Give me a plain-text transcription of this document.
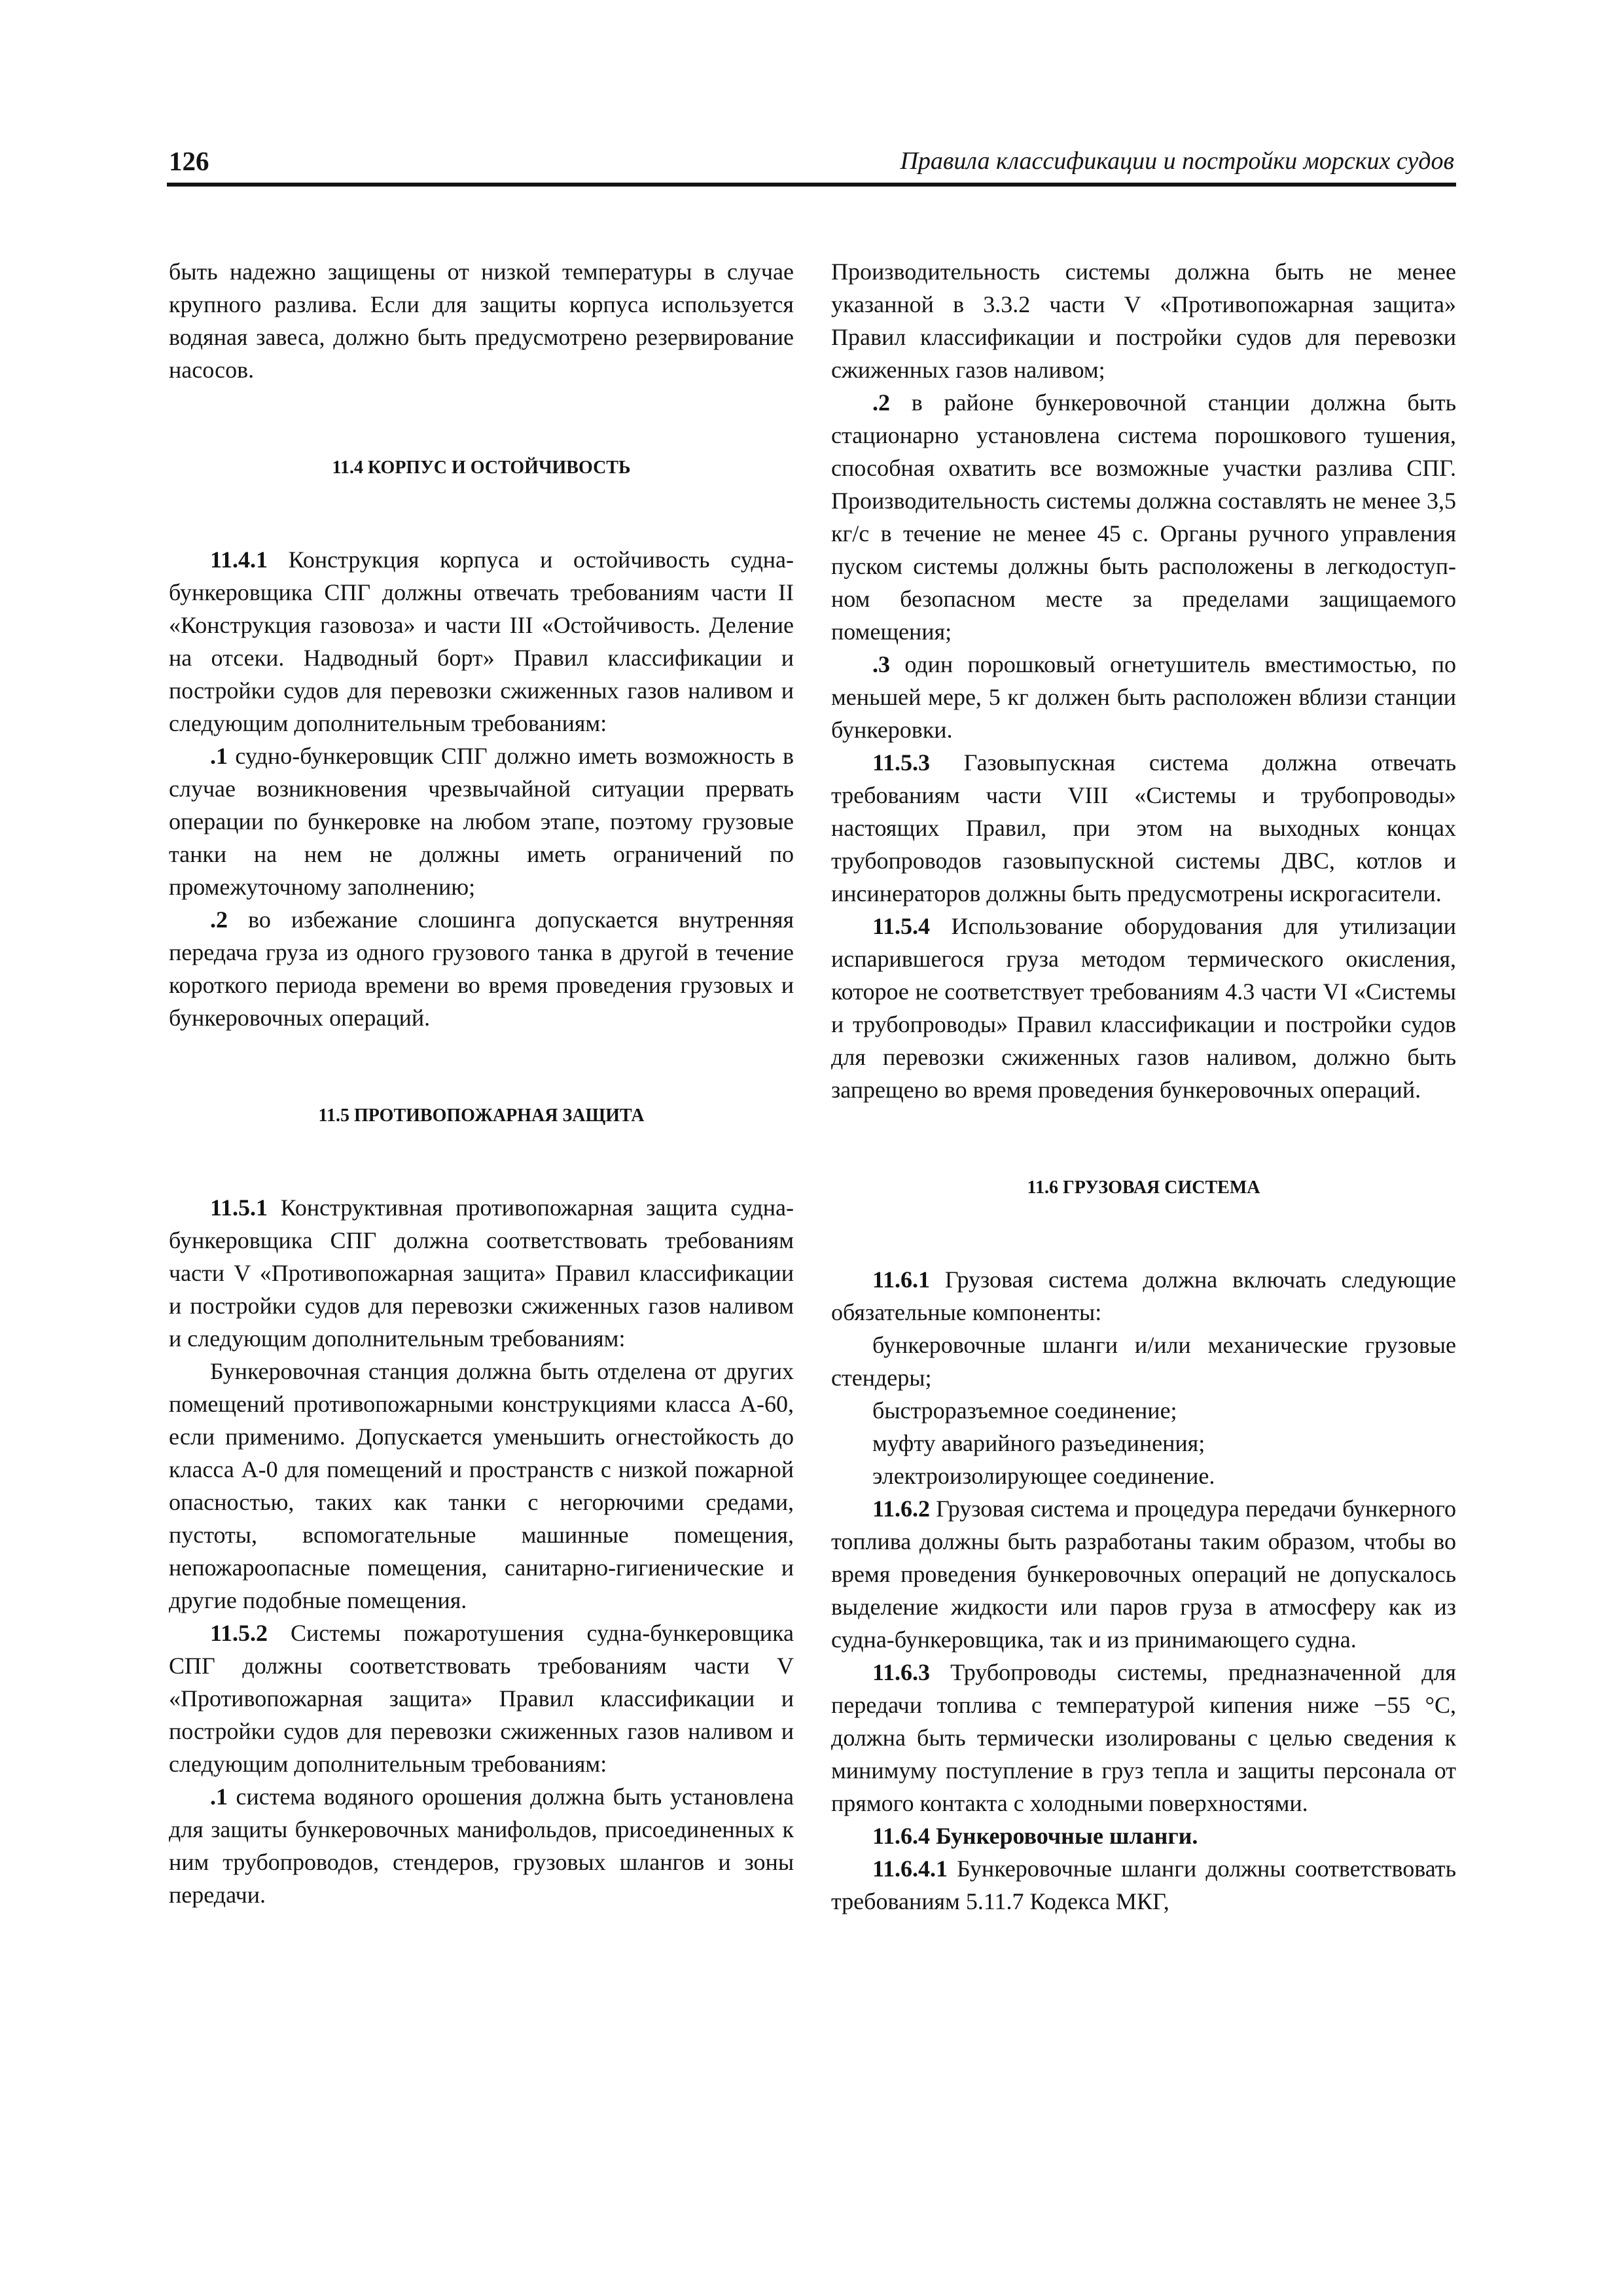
126	Правила классификации и постройки морских судов

быть надежно защищены от низкой температуры в случае крупного разлива. Если для защиты корпуса используется водяная завеса, должно быть предусмотрено резервирование насосов.

11.4 КОРПУС И ОСТОЙЧИВОСТЬ

11.4.1 Конструкция корпуса и остойчивость судна-бункеровщика СПГ должны отвечать требованиям части II «Конструкция газовоза» и части III «Остойчивость. Деление на отсеки. Надводный борт» Правил классификации и постройки судов для перевозки сжиженных газов наливом и следующим дополнительным требованиям:

.1 судно-бункеровщик СПГ должно иметь возможность в случае возникновения чрезвычайной ситуации прервать операции по бункеровке на любом этапе, поэтому грузовые танки на нем не должны иметь ограничений по промежуточному заполнению;

.2 во избежание слошинга допускается внутренняя передача груза из одного грузового танка в другой в течение короткого периода времени во время проведения грузовых и бункеровочных операций.

11.5 ПРОТИВОПОЖАРНАЯ ЗАЩИТА

11.5.1 Конструктивная противопожарная защита судна-бункеровщика СПГ должна соответствовать требованиям части V «Противопожарная защита» Правил классификации и постройки судов для перевозки сжиженных газов наливом и следующим дополнительным требованиям:

Бункеровочная станция должна быть отделена от других помещений противопожарными конструкциями класса А-60, если применимо. Допускается уменьшить огнестойкость до класса А-0 для помещений и пространств с низкой пожарной опасностью, таких как танки с негорючими средами, пустоты, вспомогательные машинные помещения, непожароопасные помещения, санитарно-гигиенические и другие подобные помещения.

11.5.2 Системы пожаротушения судна-бункеровщика СПГ должны соответствовать требованиям части V «Противопожарная защита» Правил классификации и постройки судов для перевозки сжиженных газов наливом и следующим дополнительным требованиям:

.1 система водяного орошения должна быть установлена для защиты бункеровочных манифольдов, присоединенных к ним трубопроводов, стендеров, грузовых шлангов и зоны передачи.

Производительность системы должна быть не менее указанной в 3.3.2 части V «Противопожарная защита» Правил классификации и постройки судов для перевозки сжиженных газов наливом;

.2 в районе бункеровочной станции должна быть стационарно установлена система порошкового тушения, способная охватить все возможные участки разлива СПГ. Производительность системы должна составлять не менее 3,5 кг/с в течение не менее 45 с. Органы ручного управления пуском системы должны быть расположены в легкодоступном безопасном месте за пределами защищаемого помещения;

.3 один порошковый огнетушитель вместимостью, по меньшей мере, 5 кг должен быть расположен вблизи станции бункеровки.

11.5.3 Газовыпускная система должна отвечать требованиям части VIII «Системы и трубопроводы» настоящих Правил, при этом на выходных концах трубопроводов газовыпускной системы ДВС, котлов и инсинераторов должны быть предусмотрены искрогасители.

11.5.4 Использование оборудования для утилизации испарившегося груза методом термического окисления, которое не соответствует требованиям 4.3 части VI «Системы и трубопроводы» Правил классификации и постройки судов для перевозки сжиженных газов наливом, должно быть запрещено во время проведения бункеровочных операций.

11.6 ГРУЗОВАЯ СИСТЕМА

11.6.1 Грузовая система должна включать следующие обязательные компоненты:

бункеровочные шланги и/или механические грузовые стендеры;

быстроразъемное соединение;

муфту аварийного разъединения;

электроизолирующее соединение.

11.6.2 Грузовая система и процедура передачи бункерного топлива должны быть разработаны таким образом, чтобы во время проведения бункеровочных операций не допускалось выделение жидкости или паров груза в атмосферу как из судна-бункеровщика, так и из принимающего судна.

11.6.3 Трубопроводы системы, предназначенной для передачи топлива с температурой кипения ниже −55 °С, должна быть термически изолированы с целью сведения к минимуму поступление в груз тепла и защиты персонала от прямого контакта с холодными поверхностями.

11.6.4 Бункеровочные шланги.

11.6.4.1 Бункеровочные шланги должны соответствовать требованиям 5.11.7 Кодекса МКГ,
